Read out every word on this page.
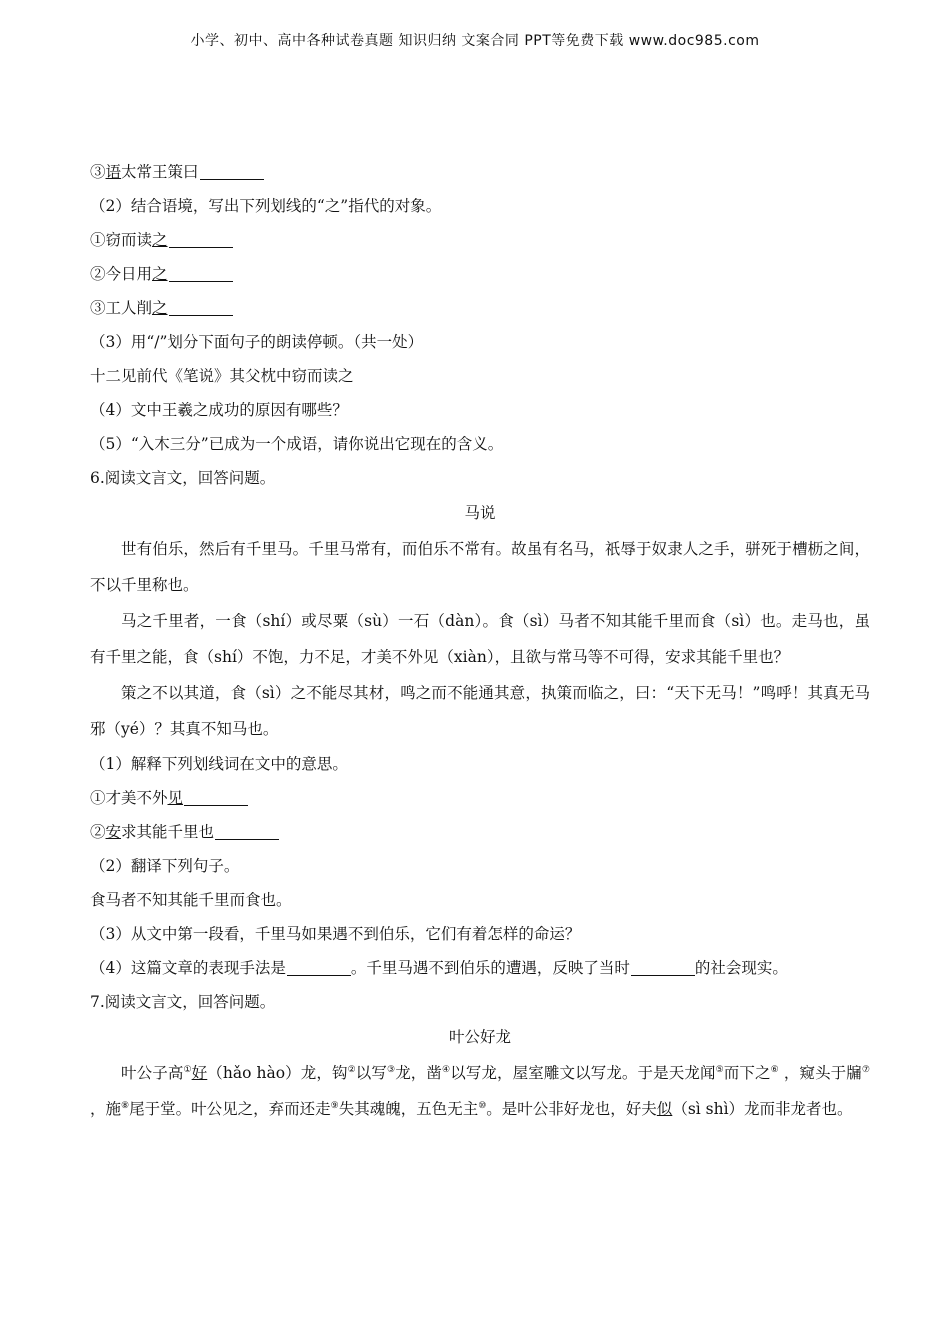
小学、初中、高中各种试卷真题 知识归纳 文案合同 PPT等免费下载 www.doc985.com
③语太常王策曰
（2）结合语境，写出下列划线的“之”指代的对象。
①窃而读之
②今日用之
③工人削之
（3）用“/”划分下面句子的朗读停顿。（共一处）
十二见前代《笔说》其父枕中窃而读之
（4）文中王羲之成功的原因有哪些？
（5）“入木三分”已成为一个成语，请你说出它现在的含义。
6.阅读文言文，回答问题。
马说

世有伯乐，然后有千里马。千里马常有，而伯乐不常有。故虽有名马，祇辱于奴隶人之手，骈死于槽枥之间，不以千里称也。

马之千里者，一食（shí）或尽粟（sù）一石（dàn）。食（sì）马者不知其能千里而食（sì）也。走马也，虽有千里之能，食（shí）不饱，力不足，才美不外见（xiàn），且欲与常马等不可得，安求其能千里也？

策之不以其道，食（sì）之不能尽其材，鸣之而不能通其意，执策而临之，曰：“天下无马！”鸣呼！其真无马邪（yé）？其真不知马也。

（1）解释下列划线词在文中的意思。
①才美不外见
②安求其能千里也
（2）翻译下列句子。
食马者不知其能千里而食也。
（3）从文中第一段看，千里马如果遇不到伯乐，它们有着怎样的命运？
（4）这篇文章的表现手法是	。千里马遇不到伯乐的遭遇，反映了当时	的社会现实。
7.阅读文言文，回答问题。
叶公好龙

叶公子高①好（hǎo hào）龙，钩②以写③龙，凿④以写龙，屋室雕文以写龙。于是天龙闻⑤而下之⑥ ，窥头于牖⑦ ，施⑧尾于堂。叶公见之，弃而还走⑨失其魂魄，五色无主⑩。是叶公非好龙也，好夫似（sì shì）龙而非龙者也。
